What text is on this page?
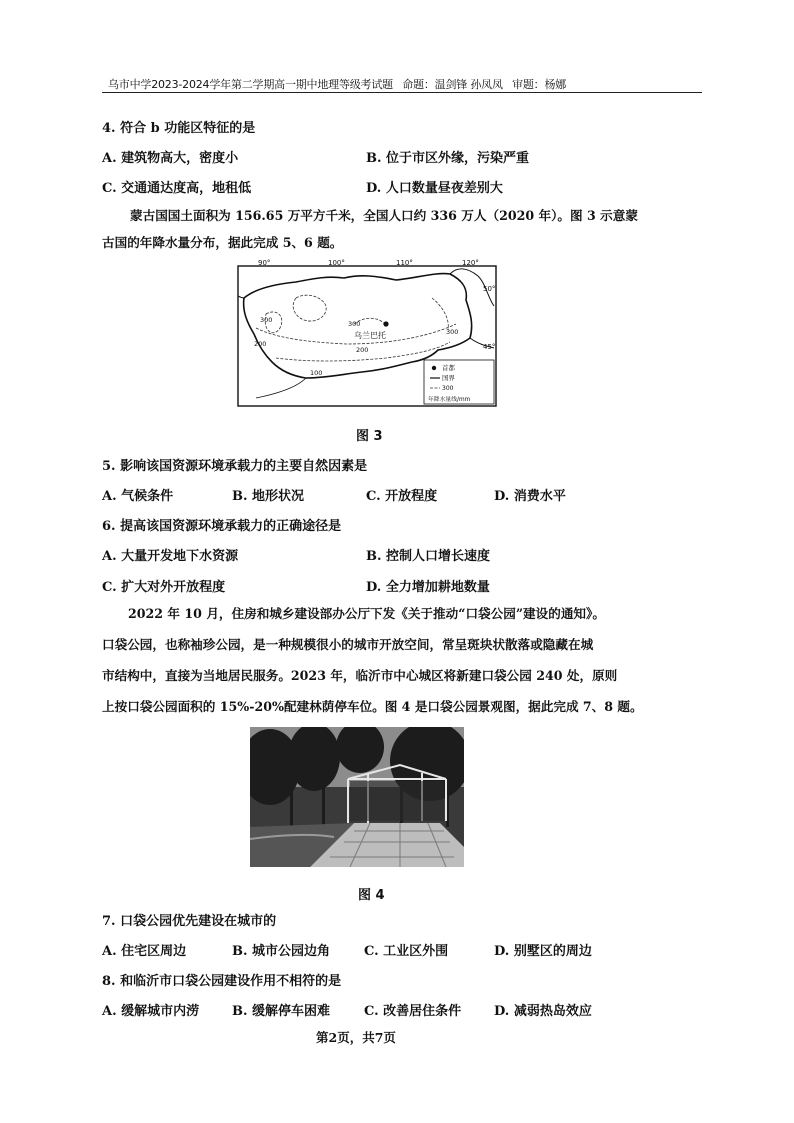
乌市中学2023-2024学年第二学期高一期中地理等级考试题 命题：温剑锋 孙凤凤 审题：杨娜
4. 符合 b 功能区特征的是
A. 建筑物高大，密度小	B. 位于市区外缘，污染严重
C. 交通通达度高，地租低	D. 人口数量昼夜差别大
蒙古国国土面积为 156.65 万平方千米，全国人口约 336 万人（2020 年）。图 3 示意蒙
古国的年降水量分布，据此完成 5、6 题。
90°	100°	110°	120°
50°
45°
300
200
100
300
200
300
乌兰巴托
首都
国界
300
年降水量线/mm
图 3
5. 影响该国资源环境承载力的主要自然因素是
A. 气候条件	B. 地形状况	C. 开放程度	D. 消费水平
6. 提高该国资源环境承载力的正确途径是
A. 大量开发地下水资源	B. 控制人口增长速度
C. 扩大对外开放程度	D. 全力增加耕地数量
2022 年 10 月，住房和城乡建设部办公厅下发《关于推动“口袋公园”建设的通知》。
口袋公园，也称袖珍公园，是一种规模很小的城市开放空间，常呈斑块状散落或隐藏在城
市结构中，直接为当地居民服务。2023 年，临沂市中心城区将新建口袋公园 240 处，原则
上按口袋公园面积的 15%-20%配建林荫停车位。图 4 是口袋公园景观图，据此完成 7、8 题。
图 4
7. 口袋公园优先建设在城市的
A. 住宅区周边	B. 城市公园边角	C. 工业区外围	D. 别墅区的周边
8. 和临沂市口袋公园建设作用不相符的是
A. 缓解城市内涝	B. 缓解停车困难	C. 改善居住条件	D. 减弱热岛效应
第2页，共7页
